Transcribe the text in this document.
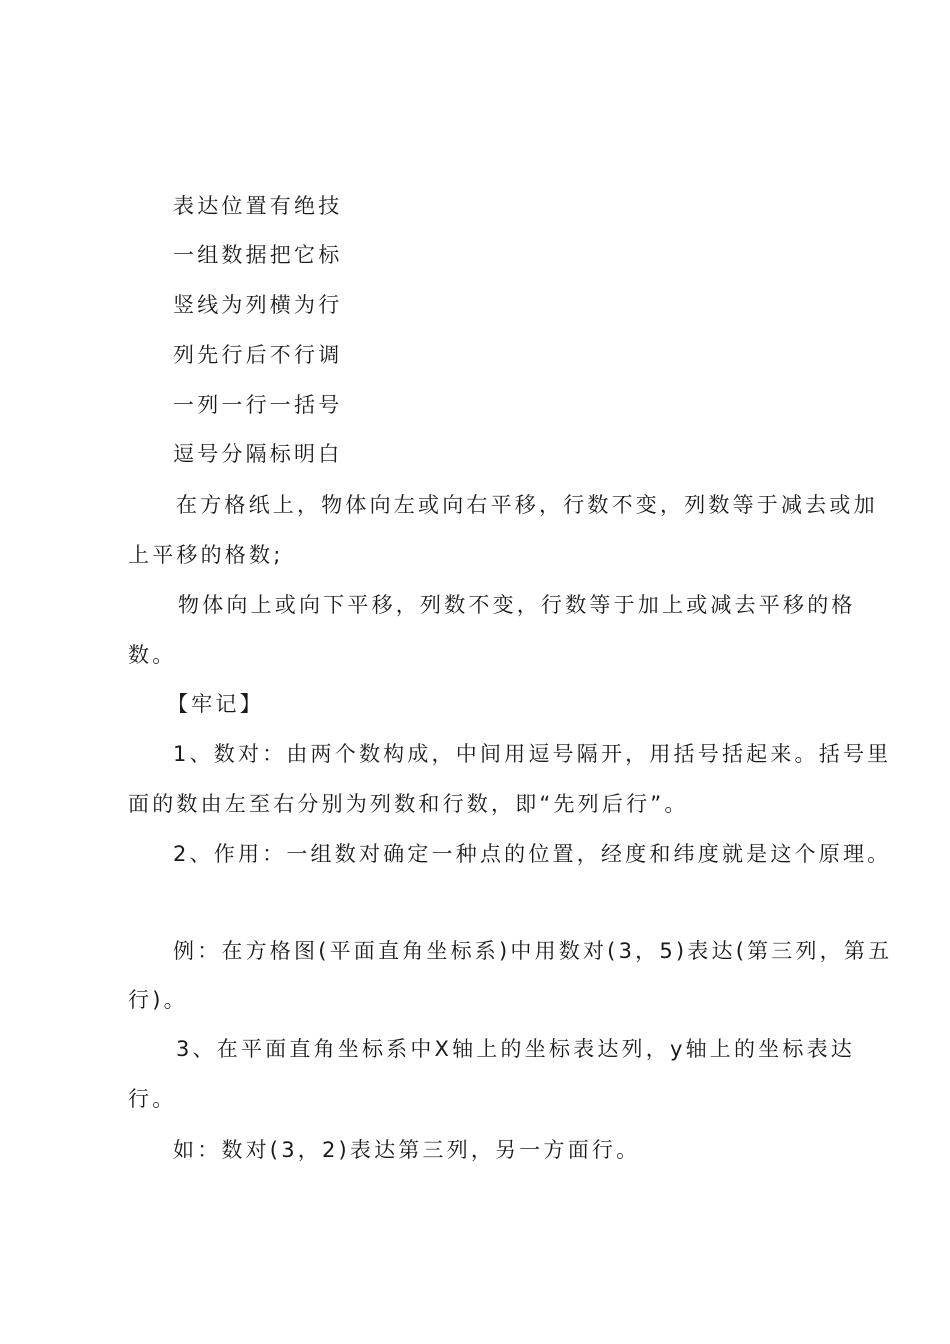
表达位置有绝技
一组数据把它标
竖线为列横为行
列先行后不行调
一列一行一括号
逗号分隔标明白
在方格纸上，物体向左或向右平移，行数不变，列数等于减去或加
上平移的格数;
物体向上或向下平移，列数不变，行数等于加上或减去平移的格
数。
【牢记】
1、数对：由两个数构成，中间用逗号隔开，用括号括起来。括号里
面的数由左至右分别为列数和行数，即“先列后行”。
2、作用：一组数对确定一种点的位置，经度和纬度就是这个原理。
例：在方格图(平面直角坐标系)中用数对(3，5)表达(第三列，第五
行)。
3、在平面直角坐标系中X轴上的坐标表达列，y轴上的坐标表达
行。
如：数对(3，2)表达第三列，另一方面行。
